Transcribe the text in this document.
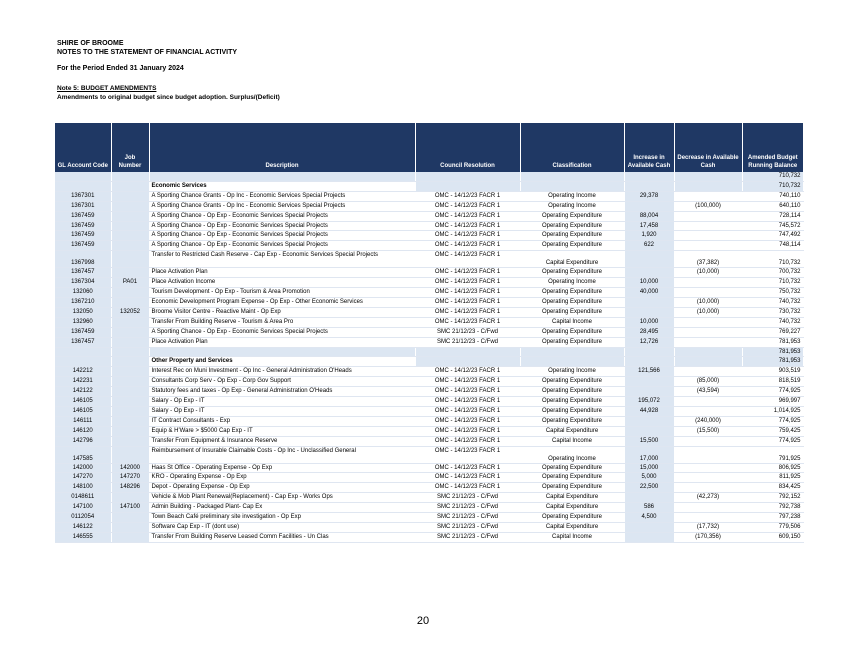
SHIRE OF BROOME
NOTES TO THE STATEMENT OF FINANCIAL ACTIVITY
For the Period Ended 31 January 2024
Note 5: BUDGET AMENDMENTS
Amendments to original budget since budget adoption. Surplus/(Deficit)
GL Account Code	Job Number	Description	Council Resolution	Classification	Increase in Available Cash	Decrease in Available Cash	Amended Budget Running Balance
							710,732
		Economic Services					710,732
1367301		A Sporting Chance Grants - Op Inc - Economic Services Special Projects	OMC - 14/12/23 FACR 1	Operating Income	29,378		740,110
1367301		A Sporting Chance Grants - Op Inc - Economic Services Special Projects	OMC - 14/12/23 FACR 1	Operating Income		(100,000)	640,110
1367459		A Sporting Chance - Op Exp - Economic Services Special Projects	OMC - 14/12/23 FACR 1	Operating Expenditure	88,004		728,114
1367459		A Sporting Chance - Op Exp - Economic Services Special Projects	OMC - 14/12/23 FACR 1	Operating Expenditure	17,458		745,572
1367459		A Sporting Chance - Op Exp - Economic Services Special Projects	OMC - 14/12/23 FACR 1	Operating Expenditure	1,920		747,492
1367459		A Sporting Chance - Op Exp - Economic Services Special Projects	OMC - 14/12/23 FACR 1	Operating Expenditure	622		748,114
1367998		Transfer to Restricted Cash Reserve - Cap Exp - Economic Services Special Projects	OMC - 14/12/23 FACR 1	Capital Expenditure		(37,382)	710,732
1367457		Place Activation Plan	OMC - 14/12/23 FACR 1	Operating Expenditure		(10,000)	700,732
1367304	PA01	Place Activation Income	OMC - 14/12/23 FACR 1	Operating Income	10,000		710,732
132060		Tourism Development - Op Exp - Tourism & Area Promotion	OMC - 14/12/23 FACR 1	Operating Expenditure	40,000		750,732
1367210		Economic Development Program Expense - Op Exp - Other Economic Services	OMC - 14/12/23 FACR 1	Operating Expenditure		(10,000)	740,732
132050	132052	Broome Visitor Centre - Reactive Maint - Op Exp	OMC - 14/12/23 FACR 1	Operating Expenditure		(10,000)	730,732
132960		Transfer From Building Reserve - Tourism & Area Pro	OMC - 14/12/23 FACR 1	Capital Income	10,000		740,732
1367459		A Sporting Chance - Op Exp - Economic Services Special Projects	SMC 21/12/23 - C/Fwd	Operating Expenditure	28,495		769,227
1367457		Place Activation Plan	SMC 21/12/23 - C/Fwd	Operating Expenditure	12,726		781,953
							781,953
		Other Property and Services					781,953
142212		Interest Rec on Muni Investment - Op Inc - General Administration O'Heads	OMC - 14/12/23 FACR 1	Operating Income	121,566		903,519
142231		Consultants Corp Serv - Op Exp - Corp Gov Support	OMC - 14/12/23 FACR 1	Operating Expenditure		(85,000)	818,519
142122		Statutory fees and taxes - Op Exp - General Administration O'Heads	OMC - 14/12/23 FACR 1	Operating Expenditure		(43,594)	774,925
146105		Salary - Op Exp - IT	OMC - 14/12/23 FACR 1	Operating Expenditure	195,072		969,997
146105		Salary - Op Exp - IT	OMC - 14/12/23 FACR 1	Operating Expenditure	44,928		1,014,925
146111		IT Contract Consultants - Exp	OMC - 14/12/23 FACR 1	Operating Expenditure		(240,000)	774,925
146120		Equip & H'Ware > $5000 Cap Exp - IT	OMC - 14/12/23 FACR 1	Capital Expenditure		(15,500)	759,425
142796		Transfer From Equipment & Insurance Reserve	OMC - 14/12/23 FACR 1	Capital Income	15,500		774,925
147585		Reimbursement of Insurable Claimable Costs - Op Inc - Unclassified General	OMC - 14/12/23 FACR 1	Operating Income	17,000		791,925
142000	142000	Haas St Office - Operating Expense - Op Exp	OMC - 14/12/23 FACR 1	Operating Expenditure	15,000		806,925
147270	147270	KRO - Operating Expense - Op Exp	OMC - 14/12/23 FACR 1	Operating Expenditure	5,000		811,925
148100	148296	Depot - Operating Expense - Op Exp	OMC - 14/12/23 FACR 1	Operating Expenditure	22,500		834,425
0148611		Vehicle & Mob Plant Renewal(Replacement) - Cap Exp - Works Ops	SMC 21/12/23 - C/Fwd	Capital Expenditure		(42,273)	792,152
147100	147100	Admin Building - Packaged Plant- Cap Ex	SMC 21/12/23 - C/Fwd	Capital Expenditure	586		792,738
0112054		Town Beach Café preliminary site investigation - Op Exp	SMC 21/12/23 - C/Fwd	Operating Expenditure	4,500		797,238
146122		Software Cap Exp - IT (dont use)	SMC 21/12/23 - C/Fwd	Capital Expenditure		(17,732)	779,506
146555		Transfer From Building Reserve Leased Comm Facilities - Un Clas	SMC 21/12/23 - C/Fwd	Capital Income		(170,356)	609,150
20
